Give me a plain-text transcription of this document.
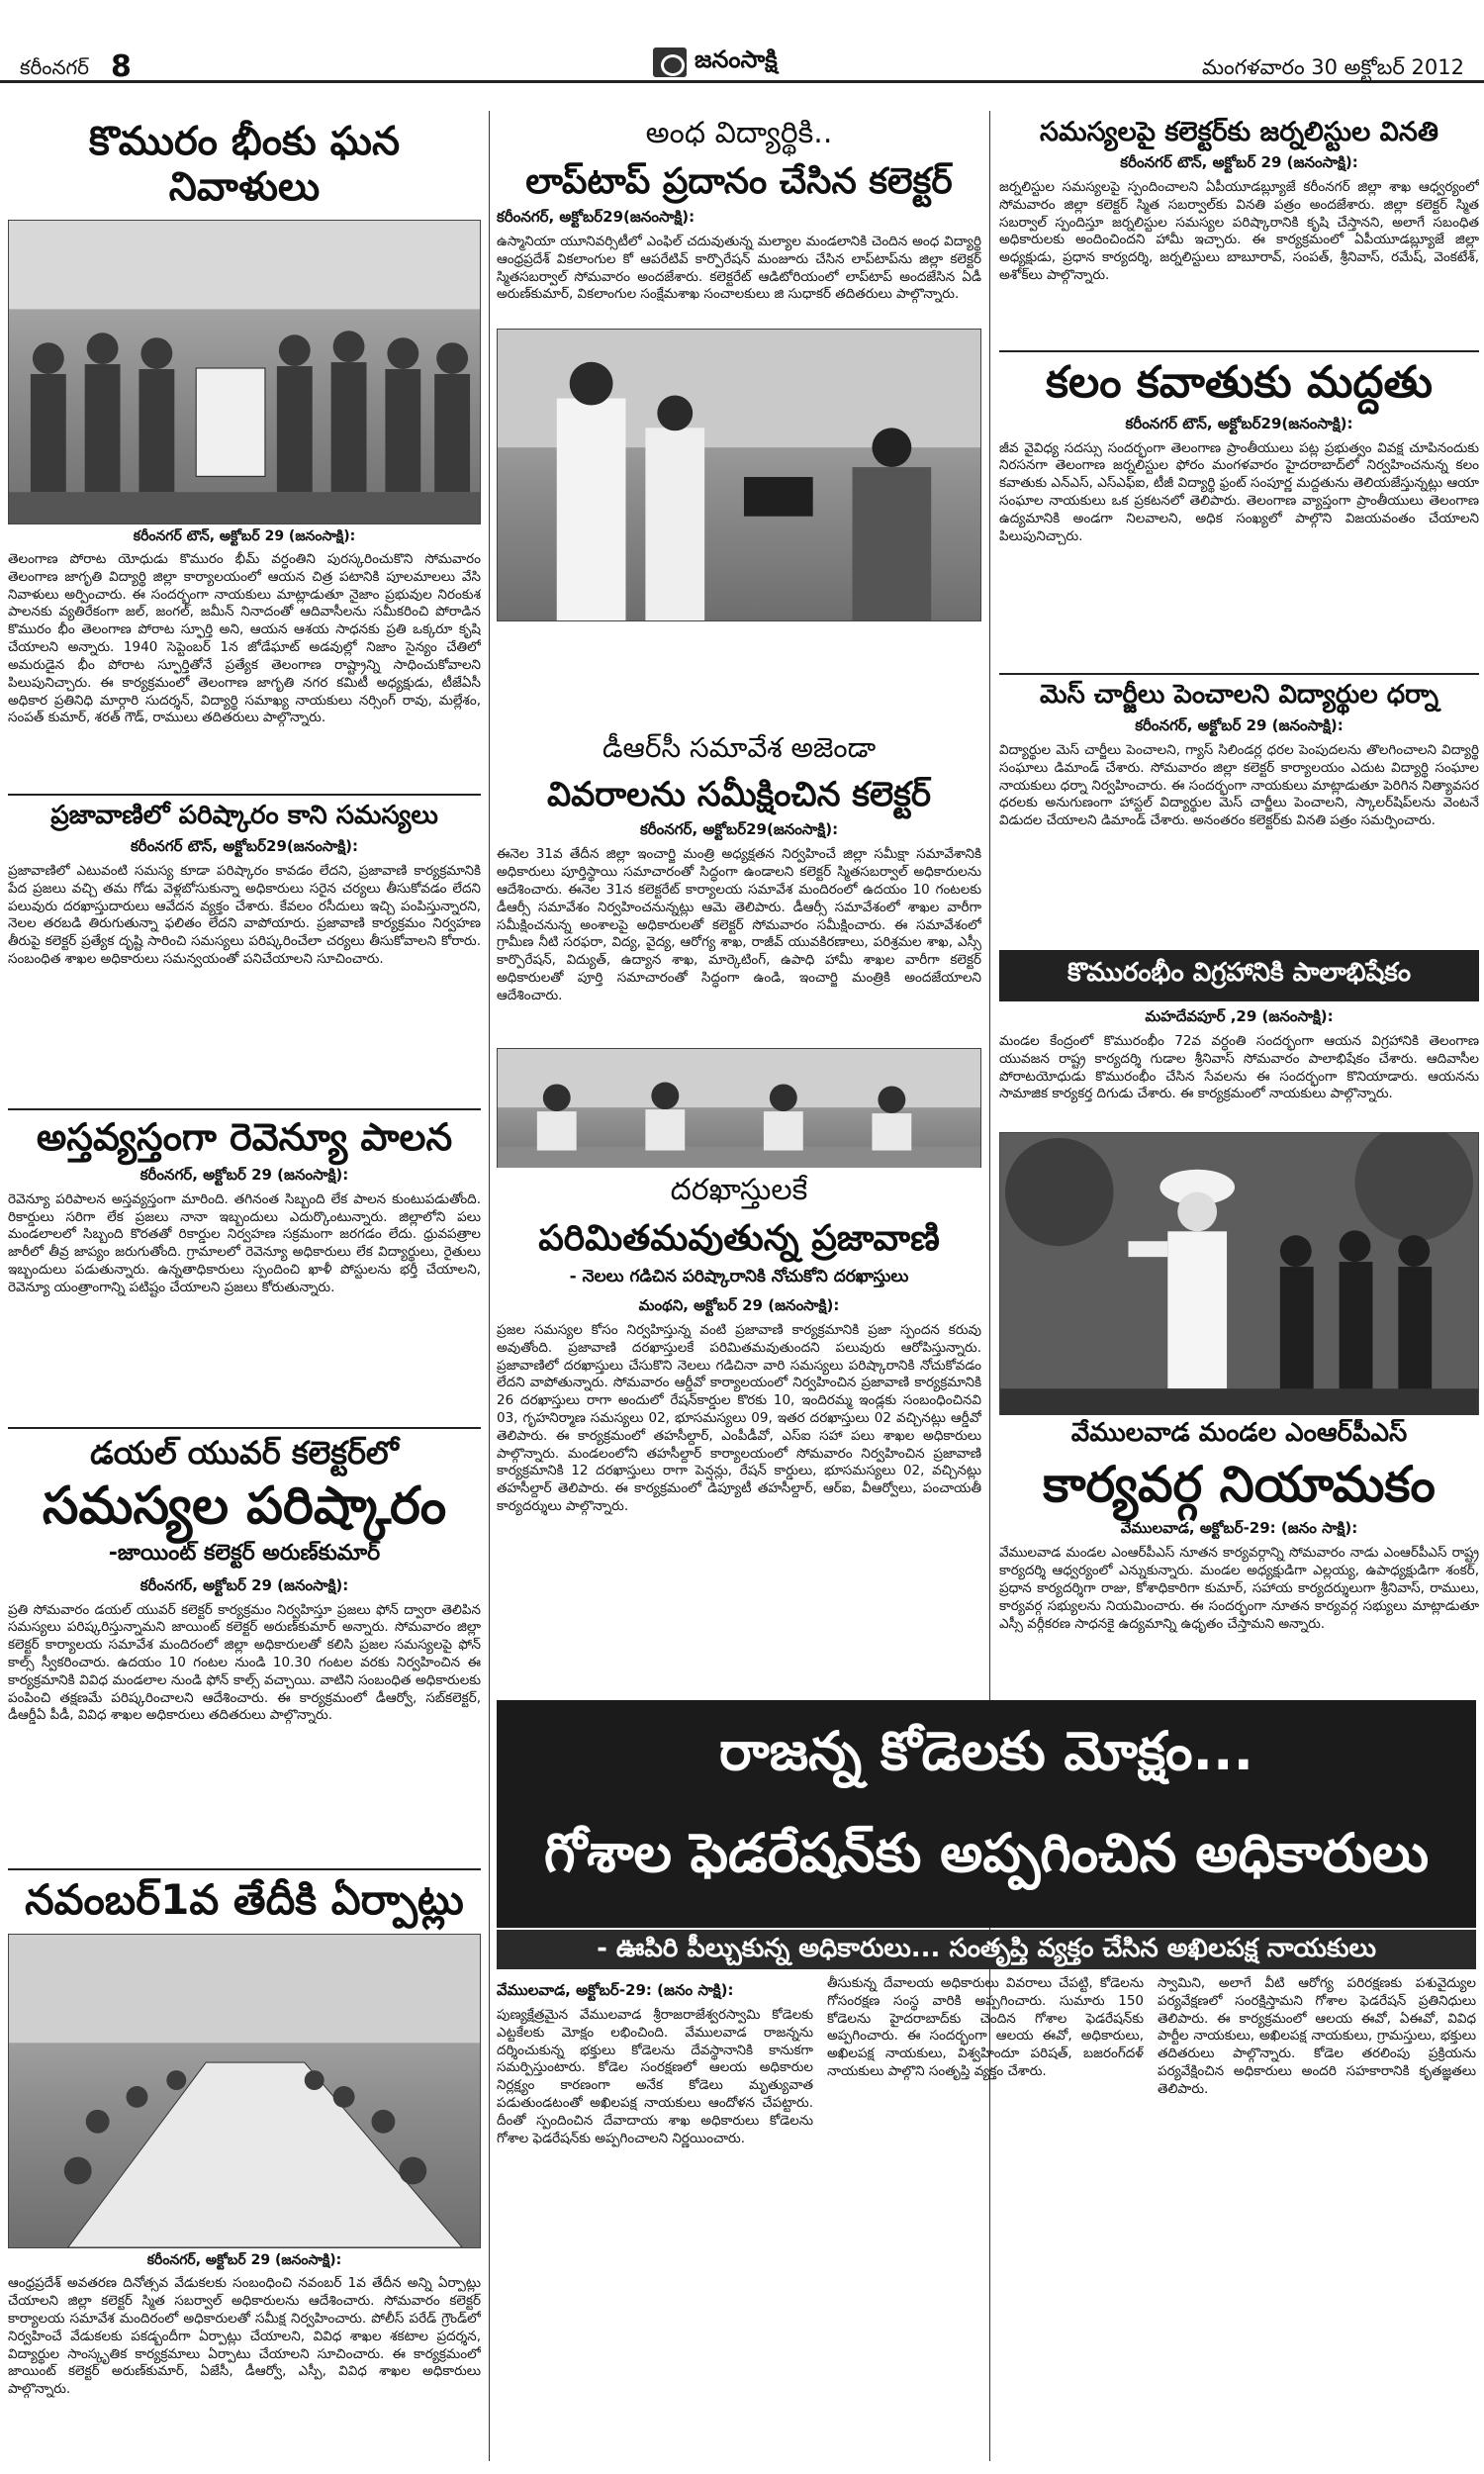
కరీంనగర్ 8	జనంసాక్షి	మంగళవారం 30 అక్టోబర్ 2012
కొమురం భీంకు ఘన నివాళులు
కరీంనగర్ టౌన్, అక్టోబర్ 29 (జనంసాక్షి):
తెలంగాణ పోరాట యోధుడు కొమురం భీమ్ వర్ధంతిని పురస్కరించుకొని సోమవారం తెలంగాణ జాగృతి విద్యార్థి జిల్లా కార్యాలయంలో ఆయన చిత్ర పటానికి పూలమాలలు వేసి నివాళులు అర్పించారు. ఈ సందర్భంగా నాయకులు మాట్లాడుతూ నైజాం ప్రభువుల నిరంకుశ పాలనకు వ్యతిరేకంగా జల్, జంగల్, జమీన్ నినాదంతో ఆదివాసీలను సమీకరించి పోరాడిన కొమురం భీం తెలంగాణ పోరాట స్ఫూర్తి అని, ఆయన ఆశయ సాధనకు ప్రతి ఒక్కరూ కృషి చేయాలని అన్నారు. 1940 సెప్టెంబర్ 1న జోడేఘాట్ అడవుల్లో నిజాం సైన్యం చేతిలో అమరుడైన భీం పోరాట స్ఫూర్తితోనే ప్రత్యేక తెలంగాణ రాష్ట్రాన్ని సాధించుకోవాలని పిలుపునిచ్చారు. ఈ కార్యక్రమంలో తెలంగాణ జాగృతి నగర కమిటీ అధ్యక్షుడు, టీజేఏసీ అధికార ప్రతినిధి మార్గారి సుదర్శన్, విద్యార్థి సమాఖ్య నాయకులు నర్సింగ్ రావు, మల్లేశం, సంపత్ కుమార్, శరత్ గౌడ్, రాములు తదితరులు పాల్గొన్నారు.
ప్రజావాణిలో పరిష్కారం కాని సమస్యలు
కరీంనగర్ టౌన్, అక్టోబర్29(జనంసాక్షి):
ప్రజావాణిలో ఎటువంటి సమస్య కూడా పరిష్కారం కావడం లేదని, ప్రజావాణి కార్యక్రమానికి పేద ప్రజలు వచ్చి తమ గోడు వెళ్లబోసుకున్నా అధికారులు సరైన చర్యలు తీసుకోవడం లేదని పలువురు దరఖాస్తుదారులు ఆవేదన వ్యక్తం చేశారు. కేవలం రసీదులు ఇచ్చి పంపిస్తున్నారని, నెలల తరబడి తిరుగుతున్నా ఫలితం లేదని వాపోయారు. ప్రజావాణి కార్యక్రమం నిర్వహణ తీరుపై కలెక్టర్ ప్రత్యేక దృష్టి సారించి సమస్యలు పరిష్కరించేలా చర్యలు తీసుకోవాలని కోరారు. సంబంధిత శాఖల అధికారులు సమన్వయంతో పనిచేయాలని సూచించారు.
అస్తవ్యస్తంగా రెవెన్యూ పాలన
కరీంనగర్, అక్టోబర్ 29 (జనంసాక్షి):
రెవెన్యూ పరిపాలన అస్తవ్యస్తంగా మారింది. తగినంత సిబ్బంది లేక పాలన కుంటుపడుతోంది. రికార్డులు సరిగా లేక ప్రజలు నానా ఇబ్బందులు ఎదుర్కొంటున్నారు. జిల్లాలోని పలు మండలాలలో సిబ్బంది కొరతతో రికార్డుల నిర్వహణ సక్రమంగా జరగడం లేదు. ధ్రువపత్రాల జారీలో తీవ్ర జాప్యం జరుగుతోంది. గ్రామాలలో రెవెన్యూ అధికారులు లేక విద్యార్థులు, రైతులు ఇబ్బందులు పడుతున్నారు. ఉన్నతాధికారులు స్పందించి ఖాళీ పోస్టులను భర్తీ చేయాలని, రెవెన్యూ యంత్రాంగాన్ని పటిష్టం చేయాలని ప్రజలు కోరుతున్నారు.
డయల్ యువర్ కలెక్టర్‌లో
సమస్యల పరిష్కారం
-జాయింట్ కలెక్టర్ అరుణ్‌కుమార్
కరీంనగర్, అక్టోబర్ 29 (జనంసాక్షి):
ప్రతి సోమవారం డయల్ యువర్ కలెక్టర్ కార్యక్రమం నిర్వహిస్తూ ప్రజలు ఫోన్ ద్వారా తెలిపిన సమస్యలు పరిష్కరిస్తున్నామని జాయింట్ కలెక్టర్ అరుణ్‌కుమార్ అన్నారు. సోమవారం జిల్లా కలెక్టర్ కార్యాలయ సమావేశ మందిరంలో జిల్లా అధికారులతో కలిసి ప్రజల సమస్యలపై ఫోన్ కాల్స్ స్వీకరించారు. ఉదయం 10 గంటల నుండి 10.30 గంటల వరకు నిర్వహించిన ఈ కార్యక్రమానికి వివిధ మండలాల నుండి ఫోన్ కాల్స్ వచ్చాయి. వాటిని సంబంధిత అధికారులకు పంపించి తక్షణమే పరిష్కరించాలని ఆదేశించారు. ఈ కార్యక్రమంలో డీఆర్వో, సబ్‌కలెక్టర్, డీఆర్డీఏ పీడీ, వివిధ శాఖల అధికారులు తదితరులు పాల్గొన్నారు.
నవంబర్1వ తేదీకి ఏర్పాట్లు
కరీంనగర్, అక్టోబర్ 29 (జనంసాక్షి):
ఆంధ్రప్రదేశ్ అవతరణ దినోత్సవ వేడుకలకు సంబంధించి నవంబర్ 1వ తేదీన అన్ని ఏర్పాట్లు చేయాలని జిల్లా కలెక్టర్ స్మిత సబర్వాల్ అధికారులను ఆదేశించారు. సోమవారం కలెక్టర్ కార్యాలయ సమావేశ మందిరంలో అధికారులతో సమీక్ష నిర్వహించారు. పోలీస్ పరేడ్ గ్రౌండ్‌లో నిర్వహించే వేడుకలకు పకడ్బందీగా ఏర్పాట్లు చేయాలని, వివిధ శాఖల శకటాల ప్రదర్శన, విద్యార్థుల సాంస్కృతిక కార్యక్రమాలు ఏర్పాటు చేయాలని సూచించారు. ఈ కార్యక్రమంలో జాయింట్ కలెక్టర్ అరుణ్‌కుమార్, ఏజేసీ, డీఆర్వో, ఎస్పీ, వివిధ శాఖల అధికారులు పాల్గొన్నారు.
అంధ విద్యార్థికి..
లాప్‌టాప్ ప్రదానం చేసిన కలెక్టర్
కరీంనగర్, అక్టోబర్29(జనంసాక్షి):
ఉస్మానియా యూనివర్సిటీలో ఎంఫిల్ చదువుతున్న మల్యాల మండలానికి చెందిన అంధ విద్యార్థి ఆంధ్రప్రదేశ్ వికలాంగుల కో ఆపరేటివ్ కార్పొరేషన్ మంజూరు చేసిన లాప్‌టాప్‌ను జిల్లా కలెక్టర్ స్మితసబర్వాల్ సోమవారం అందజేశారు. కలెక్టరేట్ ఆడిటోరియంలో లాప్‌టాప్ అందజేసిన ఏడీ అరుణ్‌కుమార్, వికలాంగుల సంక్షేమశాఖ సంచాలకులు జి సుధాకర్ తదితరులు పాల్గొన్నారు.
డీఆర్‌సీ సమావేశ అజెండా
వివరాలను సమీక్షించిన కలెక్టర్
కరీంనగర్, అక్టోబర్29(జనంసాక్షి):
ఈనెల 31వ తేదీన జిల్లా ఇంచార్జి మంత్రి అధ్యక్షతన నిర్వహించే జిల్లా సమీక్షా సమావేశానికి అధికారులు పూర్తిస్థాయి సమాచారంతో సిద్ధంగా ఉండాలని కలెక్టర్ స్మితసబర్వాల్ అధికారులను ఆదేశించారు. ఈనెల 31న కలెక్టరేట్ కార్యాలయ సమావేశ మందిరంలో ఉదయం 10 గంటలకు డీఆర్సీ సమావేశం నిర్వహించనున్నట్లు ఆమె తెలిపారు. డీఆర్సీ సమావేశంలో శాఖల వారీగా సమీక్షించనున్న అంశాలపై అధికారులతో కలెక్టర్ సోమవారం సమీక్షించారు. ఈ సమావేశంలో గ్రామీణ నీటి సరఫరా, విద్య, వైద్య, ఆరోగ్య శాఖ, రాజీవ్ యువకిరణాలు, పరిశ్రమల శాఖ, ఎస్సీ కార్పొరేషన్, విద్యుత్, ఉద్యాన శాఖ, మార్కెటింగ్, ఉపాధి హామీ శాఖల వారీగా కలెక్టర్ అధికారులతో పూర్తి సమాచారంతో సిద్ధంగా ఉండి, ఇంచార్జి మంత్రికి అందజేయాలని ఆదేశించారు.
దరఖాస్తులకే
పరిమితమవుతున్న ప్రజావాణి
- నెలలు గడిచిన పరిష్కారానికి నోచుకోని దరఖాస్తులు
మంథని, అక్టోబర్ 29 (జనంసాక్షి):
ప్రజల సమస్యల కోసం నిర్వహిస్తున్న వంటి ప్రజావాణి కార్యక్రమానికి ప్రజా స్పందన కరువు అవుతోంది. ప్రజావాణి దరఖాస్తులకే పరిమితమవుతుందని పలువురు ఆరోపిస్తున్నారు. ప్రజావాణిలో దరఖాస్తులు చేసుకొని నెలలు గడిచినా వారి సమస్యలు పరిష్కారానికి నోచుకోవడం లేదని వాపోతున్నారు. సోమవారం ఆర్డీవో కార్యాలయంలో నిర్వహించిన ప్రజావాణి కార్యక్రమానికి 26 దరఖాస్తులు రాగా అందులో రేషన్‌కార్డుల కొరకు 10, ఇందిరమ్మ ఇండ్లకు సంబంధించినవి 03, గృహనిర్మాణ సమస్యలు 02, భూసమస్యలు 09, ఇతర దరఖాస్తులు 02 వచ్చినట్లు ఆర్డీవో తెలిపారు. ఈ కార్యక్రమంలో తహసీల్దార్, ఎంపీడీవో, ఎస్ఐ సహా పలు శాఖల అధికారులు పాల్గొన్నారు. మండలంలోని తహసీల్దార్ కార్యాలయంలో సోమవారం నిర్వహించిన ప్రజావాణి కార్యక్రమానికి 12 దరఖాస్తులు రాగా పెన్షన్లు, రేషన్ కార్డులు, భూసమస్యలు 02, వచ్చినట్లు తహసీల్దార్ తెలిపారు. ఈ కార్యక్రమంలో డిప్యూటీ తహసీల్దార్, ఆర్ఐ, వీఆర్వోలు, పంచాయతీ కార్యదర్శులు పాల్గొన్నారు.
సమస్యలపై కలెక్టర్‌కు జర్నలిస్టుల వినతి
కరీంనగర్ టౌన్, అక్టోబర్ 29 (జనంసాక్షి):
జర్నలిస్టుల సమస్యలపై స్పందించాలని ఏపీయూడబ్ల్యూజే కరీంనగర్ జిల్లా శాఖ ఆధ్వర్యంలో సోమవారం జిల్లా కలెక్టర్ స్మిత సబర్వాల్‌కు వినతి పత్రం అందజేశారు. జిల్లా కలెక్టర్ స్మిత సబర్వాల్ స్పందిస్తూ జర్నలిస్టుల సమస్యల పరిష్కారానికి కృషి చేస్తానని, అలాగే సబంధిత అధికారులకు అందించిందని హామీ ఇచ్చారు. ఈ కార్యక్రమంలో ఏపీయూడబ్ల్యూజే జిల్లా అధ్యక్షుడు, ప్రధాన కార్యదర్శి, జర్నలిస్టులు బాబూరావ్, సంపత్, శ్రీనివాస్, రమేష్, వెంకటేశ్, అశోక్‌లు పాల్గొన్నారు.
కలం కవాతుకు మద్దతు
కరీంనగర్ టౌన్, అక్టోబర్29(జనంసాక్షి):
జీవ వైవిధ్య సదస్సు సందర్భంగా తెలంగాణ ప్రాంతీయులు పట్ల ప్రభుత్వం వివక్ష చూపినందుకు నిరసనగా తెలంగాణ జర్నలిస్టుల ఫోరం మంగళవారం హైదరాబాద్‌లో నిర్వహించనున్న కలం కవాతుకు ఎన్ఎస్, ఎస్ఎఫ్ఐ, టీజీ విద్యార్థి ఫ్రంట్ సంపూర్ణ మద్దతును తెలియజేస్తున్నట్లు ఆయా సంఘాల నాయకులు ఒక ప్రకటనలో తెలిపారు. తెలంగాణ వ్యాప్తంగా ప్రాంతీయులు తెలంగాణ ఉద్యమానికి అండగా నిలవాలని, అధిక సంఖ్యలో పాల్గొని విజయవంతం చేయాలని పిలుపునిచ్చారు.
మెస్ చార్జీలు పెంచాలని విద్యార్థుల ధర్నా
కరీంనగర్, అక్టోబర్ 29 (జనంసాక్షి):
విద్యార్థుల మెస్ చార్జీలు పెంచాలని, గ్యాస్ సిలిండర్ల ధరల పెంపుదలను తొలగించాలని విద్యార్థి సంఘాలు డిమాండ్ చేశారు. సోమవారం జిల్లా కలెక్టర్ కార్యాలయం ఎదుట విద్యార్థి సంఘాల నాయకులు ధర్నా నిర్వహించారు. ఈ సందర్భంగా నాయకులు మాట్లాడుతూ పెరిగిన నిత్యావసర ధరలకు అనుగుణంగా హాస్టల్ విద్యార్థుల మెస్ చార్జీలు పెంచాలని, స్కాలర్‌షిప్‌లను వెంటనే విడుదల చేయాలని డిమాండ్ చేశారు. అనంతరం కలెక్టర్‌కు వినతి పత్రం సమర్పించారు.
కొమురంభీం విగ్రహానికి పాలాభిషేకం
మహదేవపూర్ ,29 (జనంసాక్షి):
మండల కేంద్రంలో కొమురంభీం 72వ వర్ధంతి సందర్భంగా ఆయన విగ్రహానికి తెలంగాణ యువజన రాష్ట్ర కార్యదర్శి గుడాల శ్రీనివాస్ సోమవారం పాలాభిషేకం చేశారు. ఆదివాసీల పోరాటయోధుడు కొమురంభీం చేసిన సేవలను ఈ సందర్భంగా కొనియాడారు. ఆయనను సామాజిక కార్యకర్త దిగుడు చేశారు. ఈ కార్యక్రమంలో నాయకులు పాల్గొన్నారు.
వేములవాడ మండల ఎంఆర్‌పీఎస్
కార్యవర్గ నియామకం
వేములవాడ, అక్టోబర్-29: (జనం సాక్షి):
వేములవాడ మండల ఎంఆర్‌పీఎస్ నూతన కార్యవర్గాన్ని సోమవారం నాడు ఎంఆర్‌పీఎస్ రాష్ట్ర కార్యదర్శి ఆధ్వర్యంలో ఎన్నుకున్నారు. మండల అధ్యక్షుడిగా ఎల్లయ్య, ఉపాధ్యక్షుడిగా శంకర్, ప్రధాన కార్యదర్శిగా రాజు, కోశాధికారిగా కుమార్, సహాయ కార్యదర్శులుగా శ్రీనివాస్, రాములు, కార్యవర్గ సభ్యులను నియమించారు. ఈ సందర్భంగా నూతన కార్యవర్గ సభ్యులు మాట్లాడుతూ ఎస్సీ వర్గీకరణ సాధనకై ఉద్యమాన్ని ఉధృతం చేస్తామని అన్నారు.
రాజన్న కోడెలకు మోక్షం...
గోశాల ఫెడరేషన్‌కు అప్పగించిన అధికారులు
- ఊపిరి పీల్చుకున్న అధికారులు... సంతృప్తి వ్యక్తం చేసిన అఖిలపక్ష నాయకులు
వేములవాడ, అక్టోబర్-29: (జనం సాక్షి):
పుణ్యక్షేత్రమైన వేములవాడ శ్రీరాజరాజేశ్వరస్వామి కోడెలకు ఎట్టకేలకు మోక్షం లభించింది. వేములవాడ రాజన్నను దర్శించుకున్న భక్తులు కోడెలను దేవస్థానానికి కానుకగా సమర్పిస్తుంటారు. కోడెల సంరక్షణలో ఆలయ అధికారుల నిర్లక్ష్యం కారణంగా అనేక కోడెలు మృత్యువాత పడుతుండటంతో అఖిలపక్ష నాయకులు ఆందోళన చేపట్టారు. దీంతో స్పందించిన దేవాదాయ శాఖ అధికారులు కోడెలను గోశాల ఫెడరేషన్‌కు అప్పగించాలని నిర్ణయించారు.
తీసుకున్న దేవాలయ అధికారులు వివరాలు చేపట్టి, కోడెలను గోసంరక్షణ సంస్థ వారికి అప్పగించారు. సుమారు 150 కోడెలను హైదరాబాద్‌కు చెందిన గోశాల ఫెడరేషన్‌కు అప్పగించారు. ఈ సందర్భంగా ఆలయ ఈవో, అధికారులు, అఖిలపక్ష నాయకులు, విశ్వహిందూ పరిషత్, బజరంగ్‌దళ్ నాయకులు పాల్గొని సంతృప్తి వ్యక్తం చేశారు.
స్వామిని, అలాగే వీటి ఆరోగ్య పరిరక్షణకు పశువైద్యుల పర్యవేక్షణలో సంరక్షిస్తామని గోశాల ఫెడరేషన్ ప్రతినిధులు తెలిపారు. ఈ కార్యక్రమంలో ఆలయ ఈవో, ఏఈవో, వివిధ పార్టీల నాయకులు, అఖిలపక్ష నాయకులు, గ్రామస్తులు, భక్తులు తదితరులు పాల్గొన్నారు. కోడెల తరలింపు ప్రక్రియను పర్యవేక్షించిన అధికారులు అందరి సహకారానికి కృతజ్ఞతలు తెలిపారు.
